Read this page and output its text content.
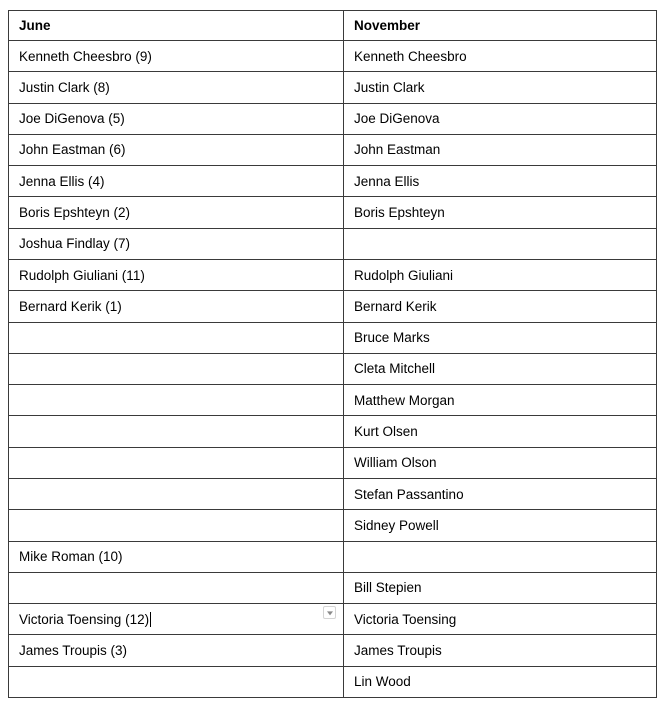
June	November
Kenneth Cheesbro (9)	Kenneth Cheesbro
Justin Clark (8)	Justin Clark
Joe DiGenova (5)	Joe DiGenova
John Eastman (6)	John Eastman
Jenna Ellis (4)	Jenna Ellis
Boris Epshteyn (2)	Boris Epshteyn
Joshua Findlay (7)	
Rudolph Giuliani (11)	Rudolph Giuliani
Bernard Kerik (1)	Bernard Kerik
	Bruce Marks
	Cleta Mitchell
	Matthew Morgan
	Kurt Olsen
	William Olson
	Stefan Passantino
	Sidney Powell
Mike Roman (10)	
	Bill Stepien
Victoria Toensing (12)	Victoria Toensing
James Troupis (3)	James Troupis
	Lin Wood
